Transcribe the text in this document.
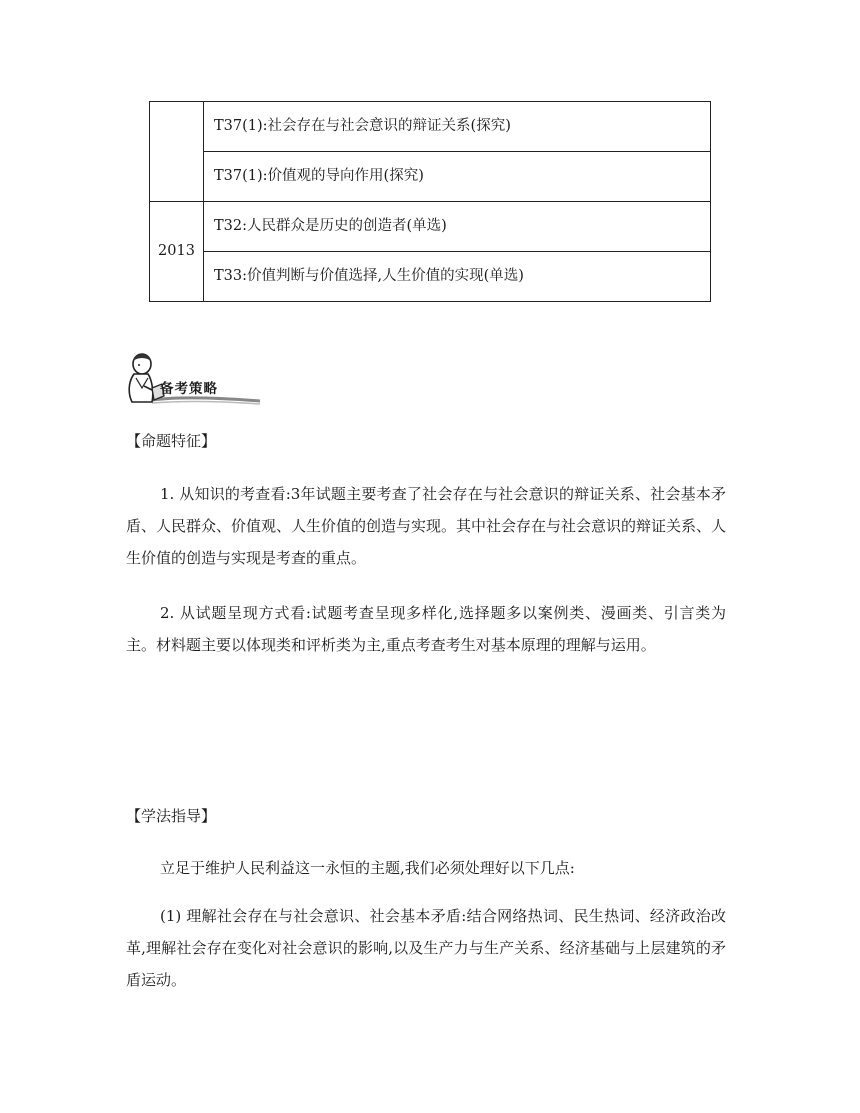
	T37(1):社会存在与社会意识的辩证关系(探究)
	T37(1):价值观的导向作用(探究)
2013	T32:人民群众是历史的创造者(单选)
	T33:价值判断与价值选择,人生价值的实现(单选)
备考策略
【命题特征】

1. 从知识的考查看:3年试题主要考查了社会存在与社会意识的辩证关系、社会基本矛盾、人民群众、价值观、人生价值的创造与实现。其中社会存在与社会意识的辩证关系、人生价值的创造与实现是考查的重点。

2. 从试题呈现方式看:试题考查呈现多样化,选择题多以案例类、漫画类、引言类为主。材料题主要以体现类和评析类为主,重点考查考生对基本原理的理解与运用。

【学法指导】

立足于维护人民利益这一永恒的主题,我们必须处理好以下几点:

(1) 理解社会存在与社会意识、社会基本矛盾:结合网络热词、民生热词、经济政治改革,理解社会存在变化对社会意识的影响,以及生产力与生产关系、经济基础与上层建筑的矛盾运动。
